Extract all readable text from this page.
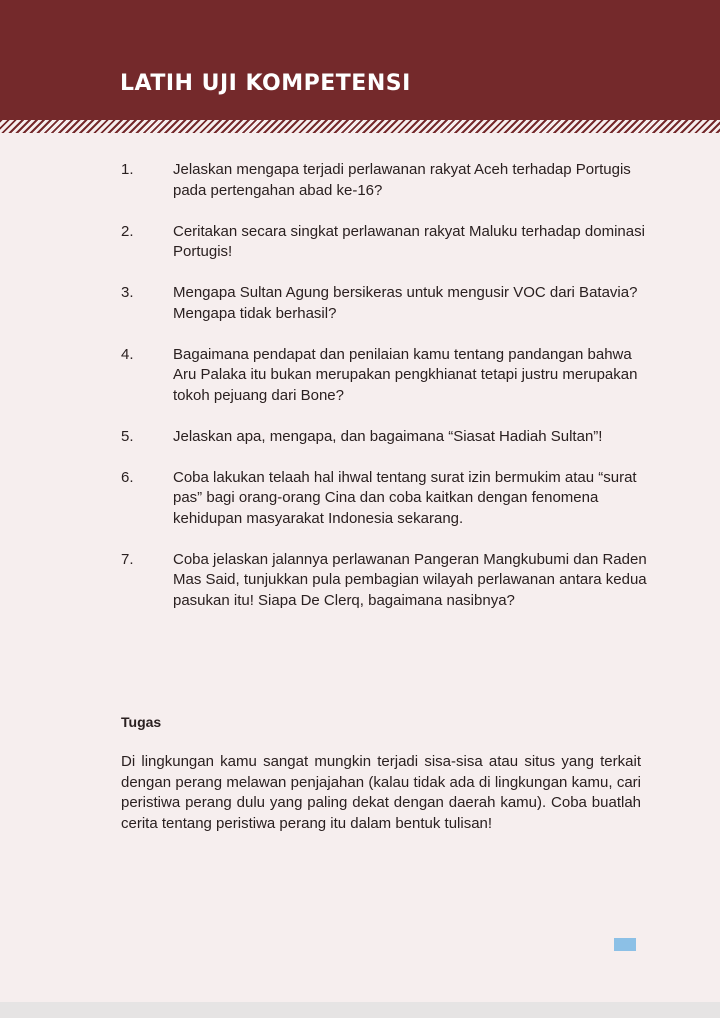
LATIH UJI KOMPETENSI
1.	Jelaskan mengapa terjadi perlawanan rakyat Aceh terhadap Portugis pada pertengahan abad ke-16?
2.	Ceritakan secara singkat perlawanan rakyat Maluku terhadap dominasi Portugis!
3.	Mengapa Sultan Agung bersikeras untuk mengusir VOC dari Batavia? Mengapa tidak berhasil?
4.	Bagaimana pendapat dan penilaian kamu tentang pandangan bahwa Aru Palaka itu bukan merupakan pengkhianat tetapi justru merupakan tokoh pejuang dari Bone?
5.	Jelaskan apa, mengapa, dan bagaimana “Siasat Hadiah Sultan”!
6.	Coba lakukan telaah hal ihwal tentang surat izin bermukim atau “surat pas” bagi orang-orang Cina dan coba kaitkan dengan fenomena kehidupan masyarakat Indonesia sekarang.
7.	Coba jelaskan jalannya perlawanan Pangeran Mangkubumi dan Raden Mas Said, tunjukkan pula pembagian wilayah perlawanan antara kedua pasukan itu! Siapa De Clerq, bagaimana nasibnya?
Tugas

Di lingkungan kamu sangat mungkin terjadi sisa-sisa atau situs yang terkait dengan perang melawan penjajahan (kalau tidak ada di lingkungan kamu, cari peristiwa perang dulu yang paling dekat dengan daerah kamu). Coba buatlah cerita tentang peristiwa perang itu dalam bentuk tulisan!
